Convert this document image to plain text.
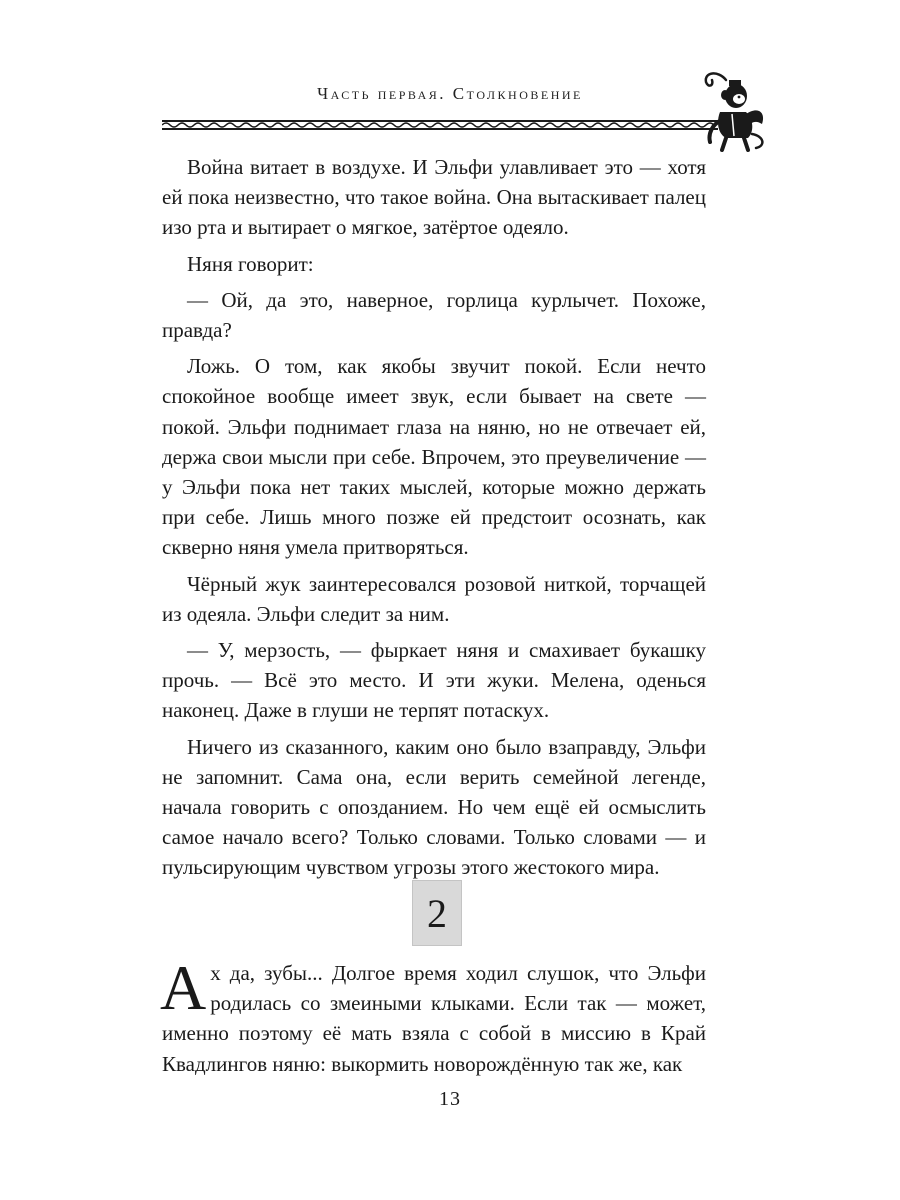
Часть первая. Столкновение

Война витает в воздухе. И Эльфи улавливает это — хотя ей пока неизвестно, что такое война. Она вытаскивает палец изо рта и вытирает о мягкое, затёртое одеяло.

Няня говорит:

— Ой, да это, наверное, горлица курлычет. Похоже, правда?

Ложь. О том, как якобы звучит покой. Если нечто спокойное вообще имеет звук, если бывает на свете — покой. Эльфи поднимает глаза на няню, но не отвечает ей, держа свои мысли при себе. Впрочем, это преувеличение — у Эльфи пока нет таких мыслей, которые можно держать при себе. Лишь много позже ей предстоит осознать, как скверно няня умела притворяться.

Чёрный жук заинтересовался розовой ниткой, торчащей из одеяла. Эльфи следит за ним.

— У, мерзость, — фыркает няня и смахивает букашку прочь. — Всё это место. И эти жуки. Мелена, оденься наконец. Даже в глуши не терпят потаскух.

Ничего из сказанного, каким оно было взаправду, Эльфи не запомнит. Сама она, если верить семейной легенде, начала говорить с опозданием. Но чем ещё ей осмыслить самое начало всего? Только словами. Только словами — и пульсирующим чувством угрозы этого жестокого мира.

2
А х да, зубы... Долгое время ходил слушок, что Эльфи родилась со змеиными клыками. Если так — может, именно поэтому её мать взяла с собой в миссию в Край Квадлингов няню: выкормить новорождённую так же, как
13
